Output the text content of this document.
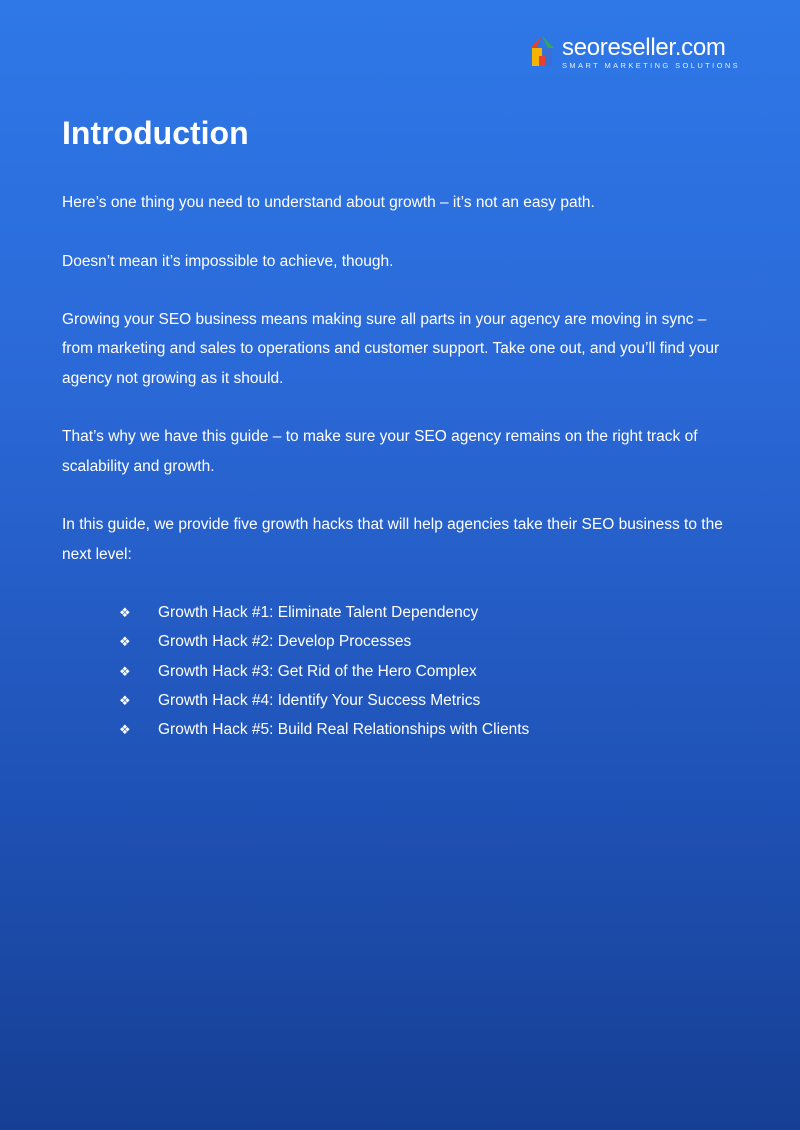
seoreseller.com
SMART MARKETING SOLUTIONS
Introduction

Here’s one thing you need to understand about growth – it’s not an easy path.

Doesn’t mean it’s impossible to achieve, though.

Growing your SEO business means making sure all parts in your agency are moving in sync – from marketing and sales to operations and customer support. Take one out, and you’ll find your agency not growing as it should.

That’s why we have this guide – to make sure your SEO agency remains on the right track of scalability and growth.

In this guide, we provide five growth hacks that will help agencies take their SEO business to the next level:

❖	Growth Hack #1: Eliminate Talent Dependency
❖	Growth Hack #2: Develop Processes
❖	Growth Hack #3: Get Rid of the Hero Complex
❖	Growth Hack #4: Identify Your Success Metrics
❖	Growth Hack #5: Build Real Relationships with Clients
